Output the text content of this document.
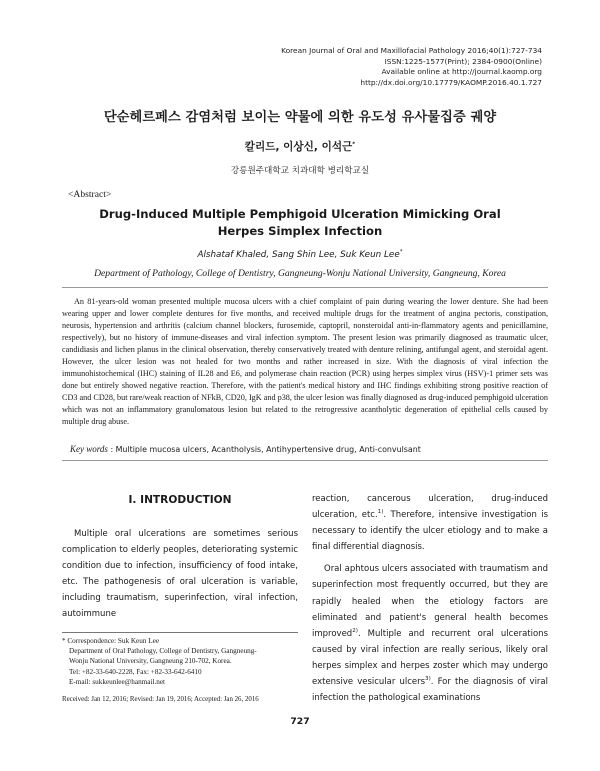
Korean Journal of Oral and Maxillofacial Pathology 2016;40(1):727-734
ISSN:1225-1577(Print); 2384-0900(Online)
Available online at http://journal.kaomp.org
http://dx.doi.org/10.17779/KAOMP.2016.40.1.727
단순헤르페스 감염처럼 보이는 약물에 의한 유도성 유사물집증 궤양
칼리드, 이상신, 이석근*
강릉원주대학교 치과대학 병리학교실
<Abstract>
Drug-Induced Multiple Pemphigoid Ulceration Mimicking Oral
Herpes Simplex Infection
Alshataf Khaled, Sang Shin Lee, Suk Keun Lee*
Department of Pathology, College of Dentistry, Gangneung-Wonju National University, Gangneung, Korea

An 81-years-old woman presented multiple mucosa ulcers with a chief complaint of pain during wearing the lower denture. She had been wearing upper and lower complete dentures for five months, and received multiple drugs for the treatment of angina pectoris, constipation, neurosis, hypertension and arthritis (calcium channel blockers, furosemide, captopril, nonsteroidal anti-in-flammatory agents and penicillamine, respectively), but no history of immune-diseases and viral infection symptom. The present lesion was primarily diagnosed as traumatic ulcer, candidiasis and lichen planus in the clinical observation, thereby conservatively treated with denture relining, antifungal agent, and steroidal agent. However, the ulcer lesion was not healed for two months and rather increased in size. With the diagnosis of viral infection the immunohistochemical (IHC) staining of IL28 and E6, and polymerase chain reaction (PCR) using herpes simplex virus (HSV)-1 primer sets was done but entirely showed negative reaction. Therefore, with the patient's medical history and IHC findings exhibiting strong positive reaction of CD3 and CD28, but rare/weak reaction of NFkB, CD20, IgK and p38, the ulcer lesion was finally diagnosed as drug-induced pemphigoid ulceration which was not an inflammatory granulomatous lesion but related to the retrogressive acantholytic degeneration of epithelial cells caused by multiple drug abuse.

Key words : Multiple mucosa ulcers, Acantholysis, Antihypertensive drug, Anti-convulsant
Ⅰ. INTRODUCTION

Multiple oral ulcerations are sometimes serious complication to elderly peoples, deteriorating systemic condition due to infection, insufficiency of food intake, etc. The pathogenesis of oral ulceration is variable, including traumatism, superinfection, viral infection, autoimmune

reaction, cancerous ulceration, drug-induced ulceration, etc.$^{1)}$. Therefore, intensive investigation is necessary to identify the ulcer etiology and to make a final differential diagnosis.

Oral aphtous ulcers associated with traumatism and superinfection most frequently occurred, but they are rapidly healed when the etiology factors are eliminated and patient's general health becomes improved$^{2)}$. Multiple and recurrent oral ulcerations caused by viral infection are really serious, likely oral herpes simplex and herpes zoster which may undergo extensive vesicular ulcers$^{3)}$. For the diagnosis of viral infection the pathological examinations

* Correspondence: Suk Keun Lee
Department of Oral Pathology, College of Dentistry, Gangneung-
Wonju National University, Gangneung 210-702, Korea.
Tel: +82-33-640-2228, Fax: +82-33-642-6410
E-mail: sukkeunlee@hanmail.net
Received: Jan 12, 2016; Revised: Jan 19, 2016; Accepted: Jan 26, 2016
727
